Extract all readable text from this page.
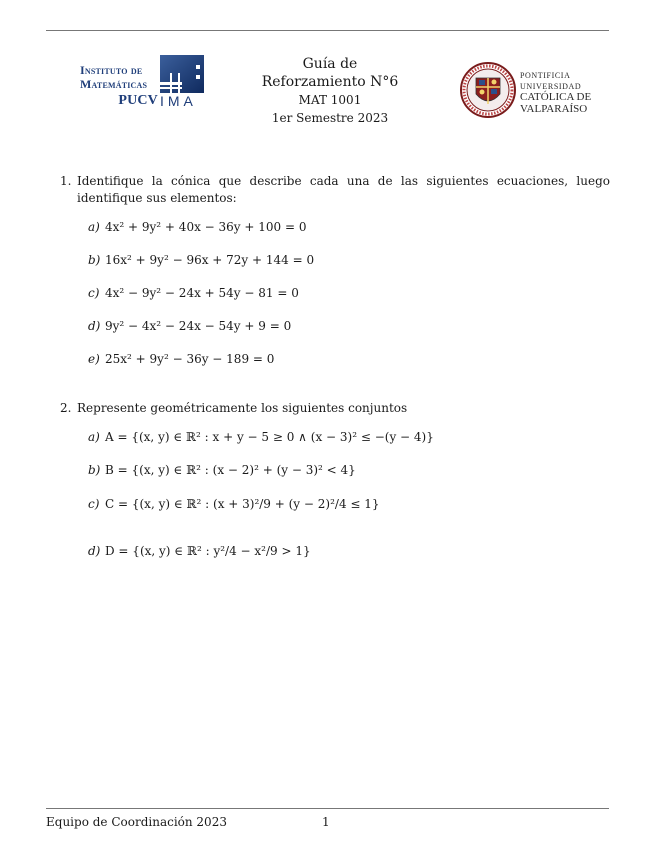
Instituto de
Matemáticas
PUCV IMA
Guía de
Reforzamiento N°6
MAT 1001
1er Semestre 2023
PONTIFICIA
UNIVERSIDAD
CATÓLICA DE
VALPARAÍSO
1. Identifique la cónica que describe cada una de las siguientes ecuaciones, luego identifique sus elementos:
a) 4x² + 9y² + 40x − 36y + 100 = 0
b) 16x² + 9y² − 96x + 72y + 144 = 0
c) 4x² − 9y² − 24x + 54y − 81 = 0
d) 9y² − 4x² − 24x − 54y + 9 = 0
e) 25x² + 9y² − 36y − 189 = 0
2. Represente geométricamente los siguientes conjuntos
a) A = {(x, y) ∈ ℝ² : x + y − 5 ≥ 0 ∧ (x − 3)² ≤ −(y − 4)}
b) B = {(x, y) ∈ ℝ² : (x − 2)² + (y − 3)² < 4}
c) C = {(x, y) ∈ ℝ² : (x + 3)²/9 + (y − 2)²/4 ≤ 1}
d) D = {(x, y) ∈ ℝ² : y²/4 − x²/9 > 1}
Equipo de Coordinación 2023	1
